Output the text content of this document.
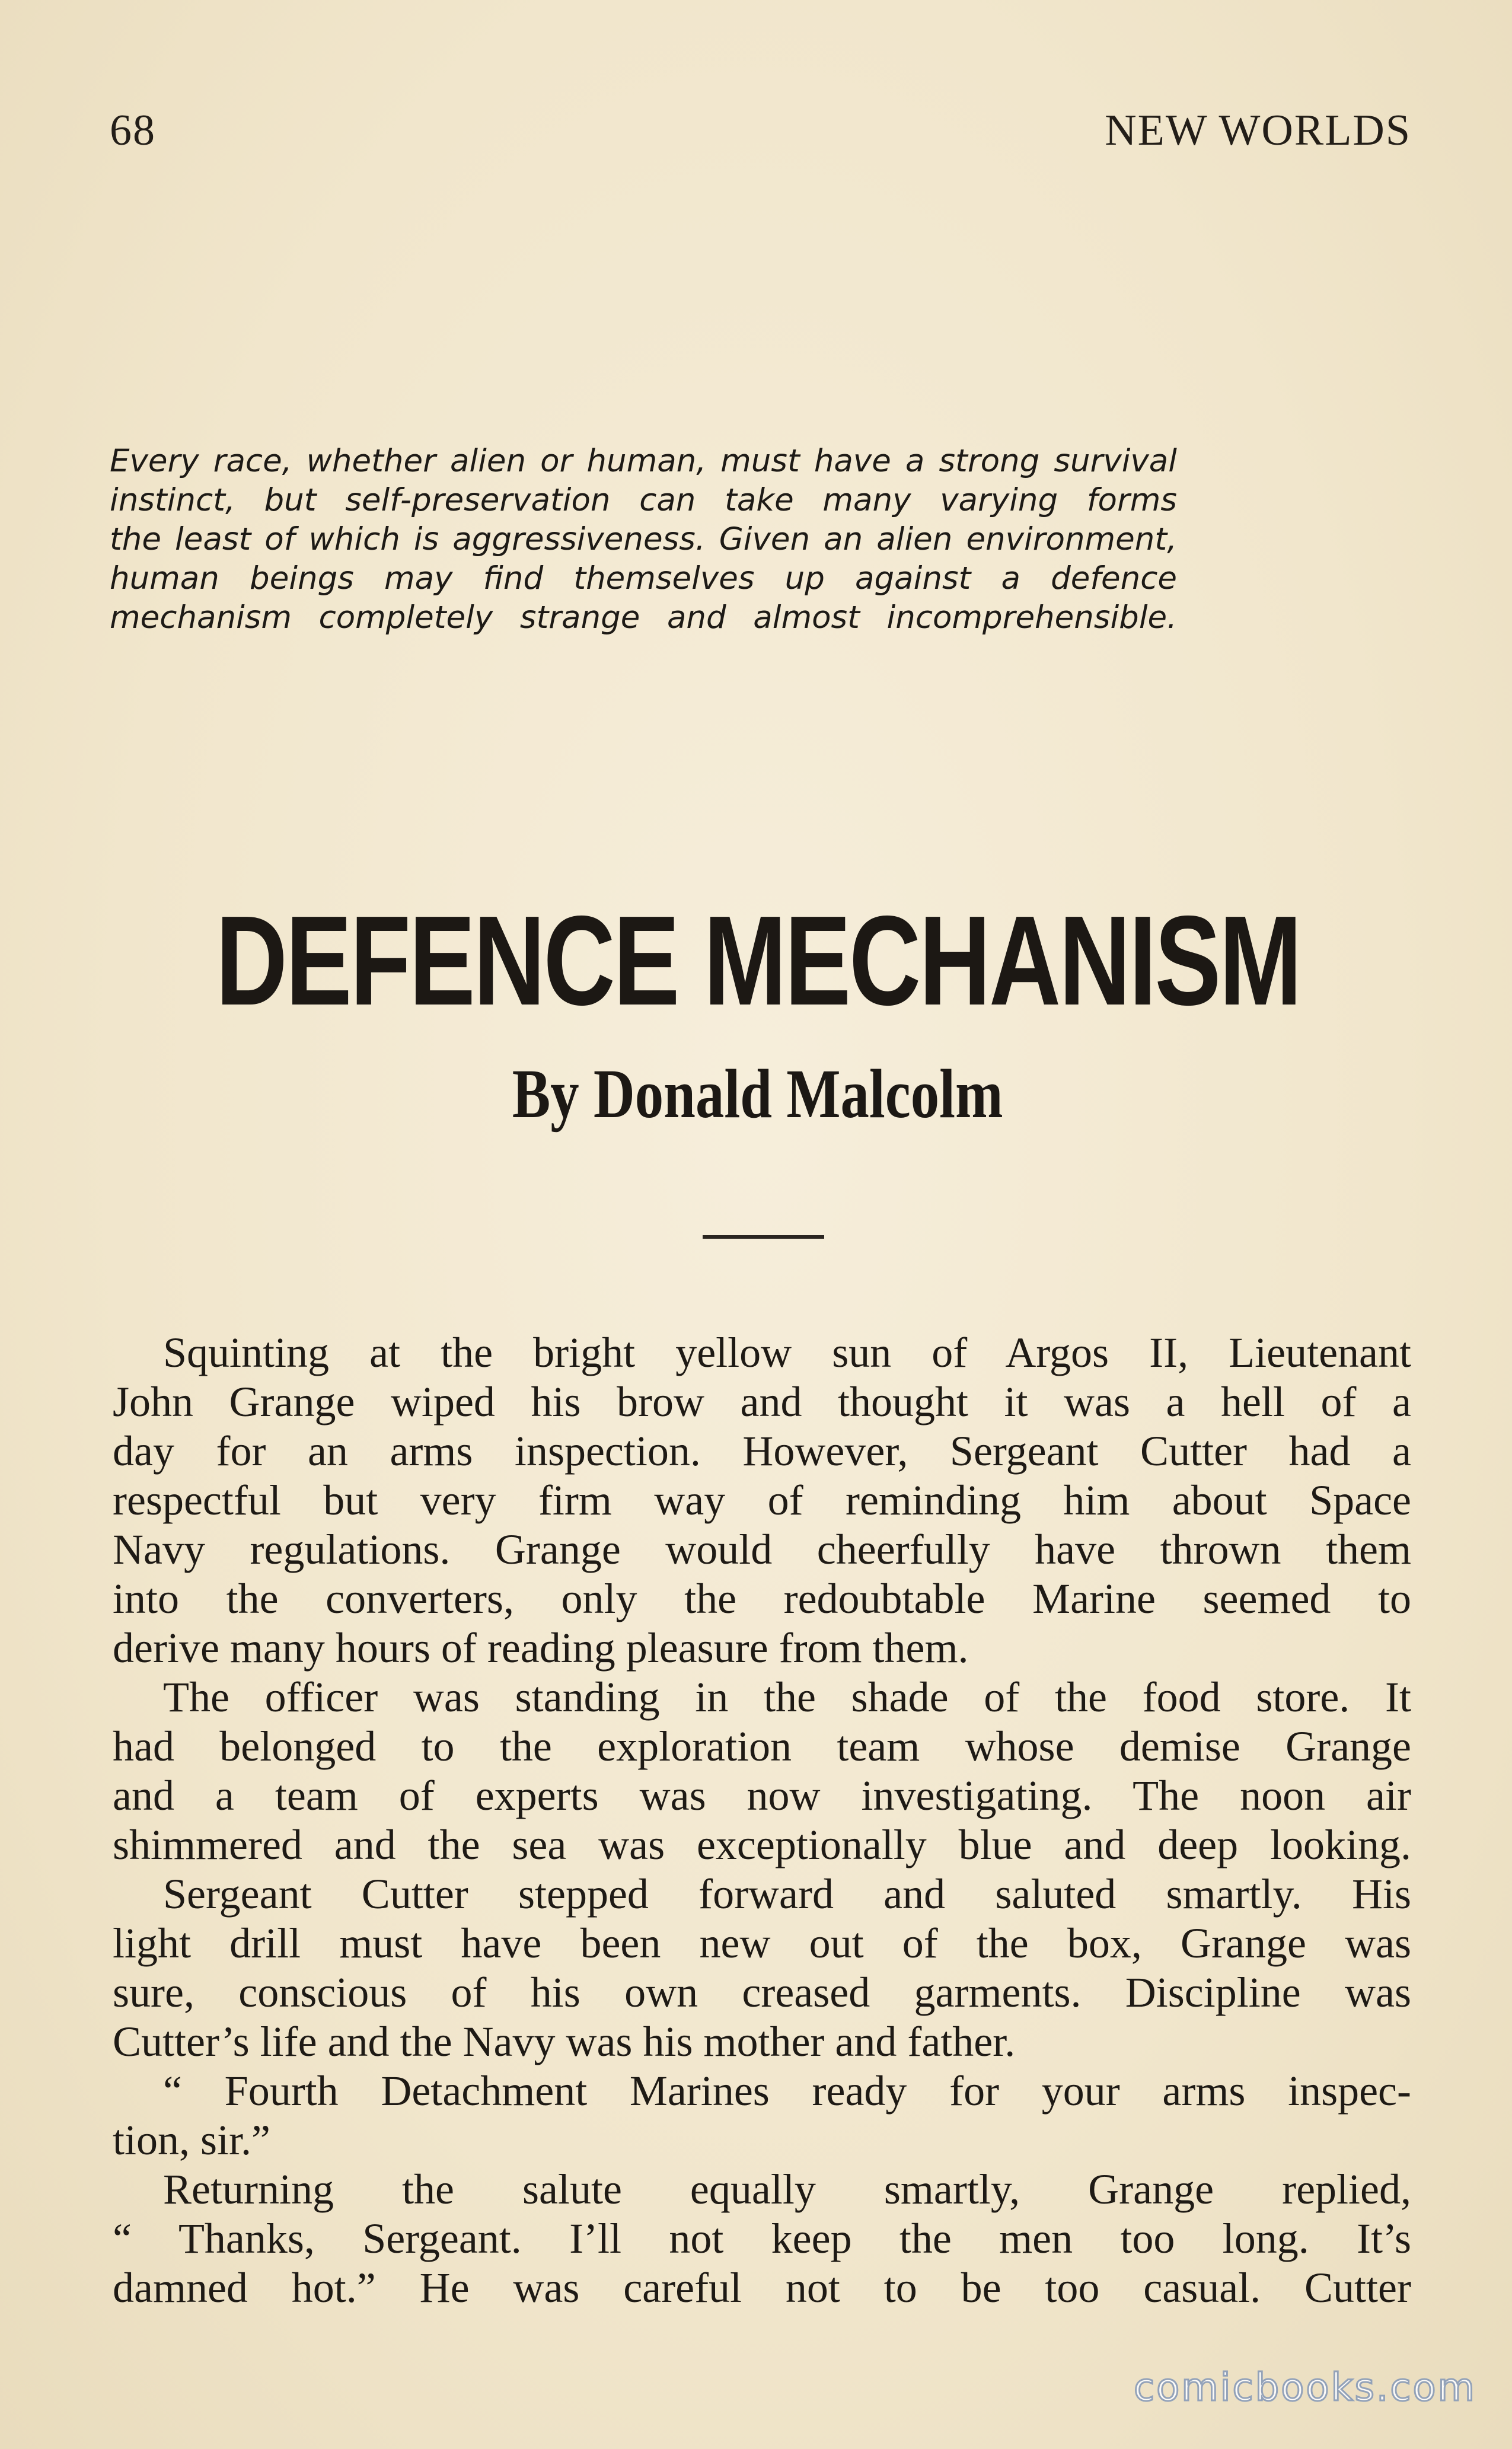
68	NEW WORLDS
Every race, whether alien or human, must have a strong survival
instinct, but self-preservation can take many varying forms
the least of which is aggressiveness. Given an alien environment,
human beings may find themselves up against a defence
mechanism completely strange and almost incomprehensible.
DEFENCE MECHANISM
By Donald Malcolm
Squinting at the bright yellow sun of Argos II, Lieutenant
John Grange wiped his brow and thought it was a hell of a
day for an arms inspection. However, Sergeant Cutter had a
respectful but very firm way of reminding him about Space
Navy regulations. Grange would cheerfully have thrown them
into the converters, only the redoubtable Marine seemed to
derive many hours of reading pleasure from them.
The officer was standing in the shade of the food store. It
had belonged to the exploration team whose demise Grange
and a team of experts was now investigating. The noon air
shimmered and the sea was exceptionally blue and deep looking.
Sergeant Cutter stepped forward and saluted smartly. His
light drill must have been new out of the box, Grange was
sure, conscious of his own creased garments. Discipline was
Cutter’s life and the Navy was his mother and father.
“ Fourth Detachment Marines ready for your arms inspec-
tion, sir.”
Returning the salute equally smartly, Grange replied,
“ Thanks, Sergeant. I’ll not keep the men too long. It’s
damned hot.” He was careful not to be too casual. Cutter
comicbooks.com
